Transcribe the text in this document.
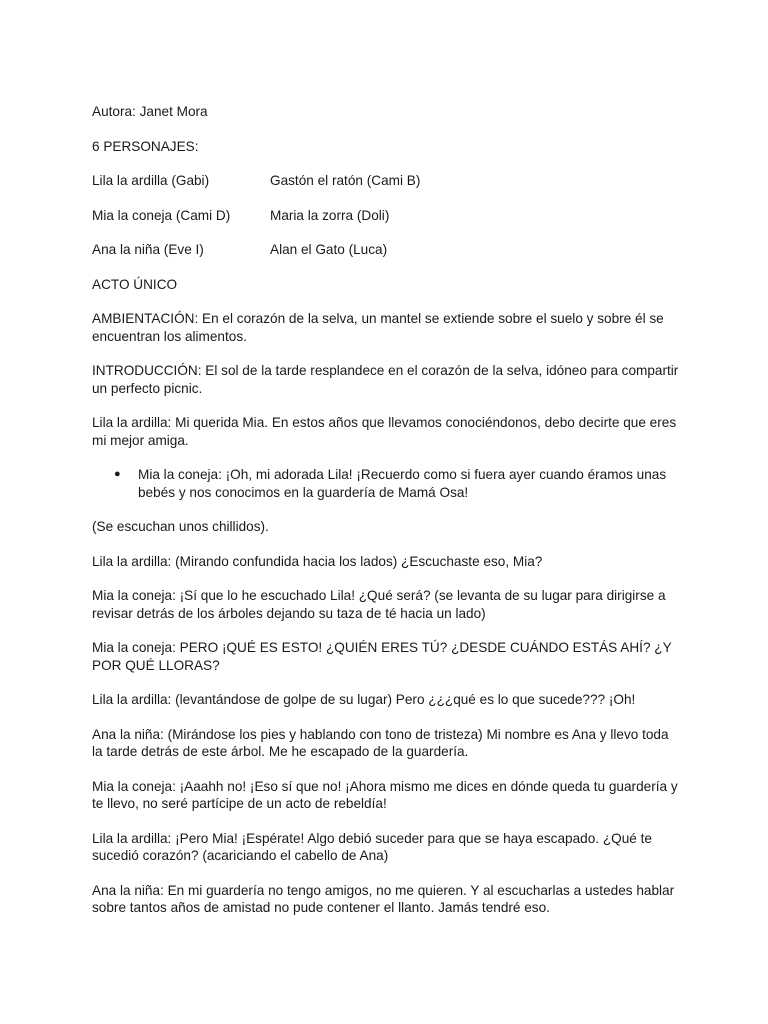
Autora: Janet Mora

6 PERSONAJES:

Lila la ardilla (Gabi)	Gastón el ratón (Cami B)
Mia la coneja (Cami D)	Maria la zorra (Doli)
Ana la niña (Eve I)	Alan el Gato (Luca)

ACTO ÚNICO

AMBIENTACIÓN: En el corazón de la selva, un mantel se extiende sobre el suelo y sobre él se encuentran los alimentos.

INTRODUCCIÓN: El sol de la tarde resplandece en el corazón de la selva, idóneo para compartir un perfecto picnic.

Lila la ardilla: Mi querida Mia. En estos años que llevamos conociéndonos, debo decirte que eres mi mejor amiga.

●	Mia la coneja: ¡Oh, mi adorada Lila! ¡Recuerdo como si fuera ayer cuando éramos unas bebés y nos conocimos en la guardería de Mamá Osa!

(Se escuchan unos chillidos).

Lila la ardilla: (Mirando confundida hacia los lados) ¿Escuchaste eso, Mia?

Mia la coneja: ¡Sí que lo he escuchado Lila! ¿Qué será? (se levanta de su lugar para dirigirse a revisar detrás de los árboles dejando su taza de té hacia un lado)

Mia la coneja: PERO ¡QUÉ ES ESTO! ¿QUIÉN ERES TÚ? ¿DESDE CUÁNDO ESTÁS AHÍ? ¿Y POR QUÉ LLORAS?

Lila la ardilla: (levantándose de golpe de su lugar) Pero ¿¿¿qué es lo que sucede??? ¡Oh!

Ana la niña: (Mirándose los pies y hablando con tono de tristeza) Mi nombre es Ana y llevo toda la tarde detrás de este árbol. Me he escapado de la guardería.

Mia la coneja: ¡Aaahh no! ¡Eso sí que no! ¡Ahora mismo me dices en dónde queda tu guardería y te llevo, no seré partícipe de un acto de rebeldía!

Lila la ardilla: ¡Pero Mia! ¡Espérate! Algo debió suceder para que se haya escapado. ¿Qué te sucedió corazón? (acariciando el cabello de Ana)

Ana la niña: En mi guardería no tengo amigos, no me quieren. Y al escucharlas a ustedes hablar sobre tantos años de amistad no pude contener el llanto. Jamás tendré eso.
